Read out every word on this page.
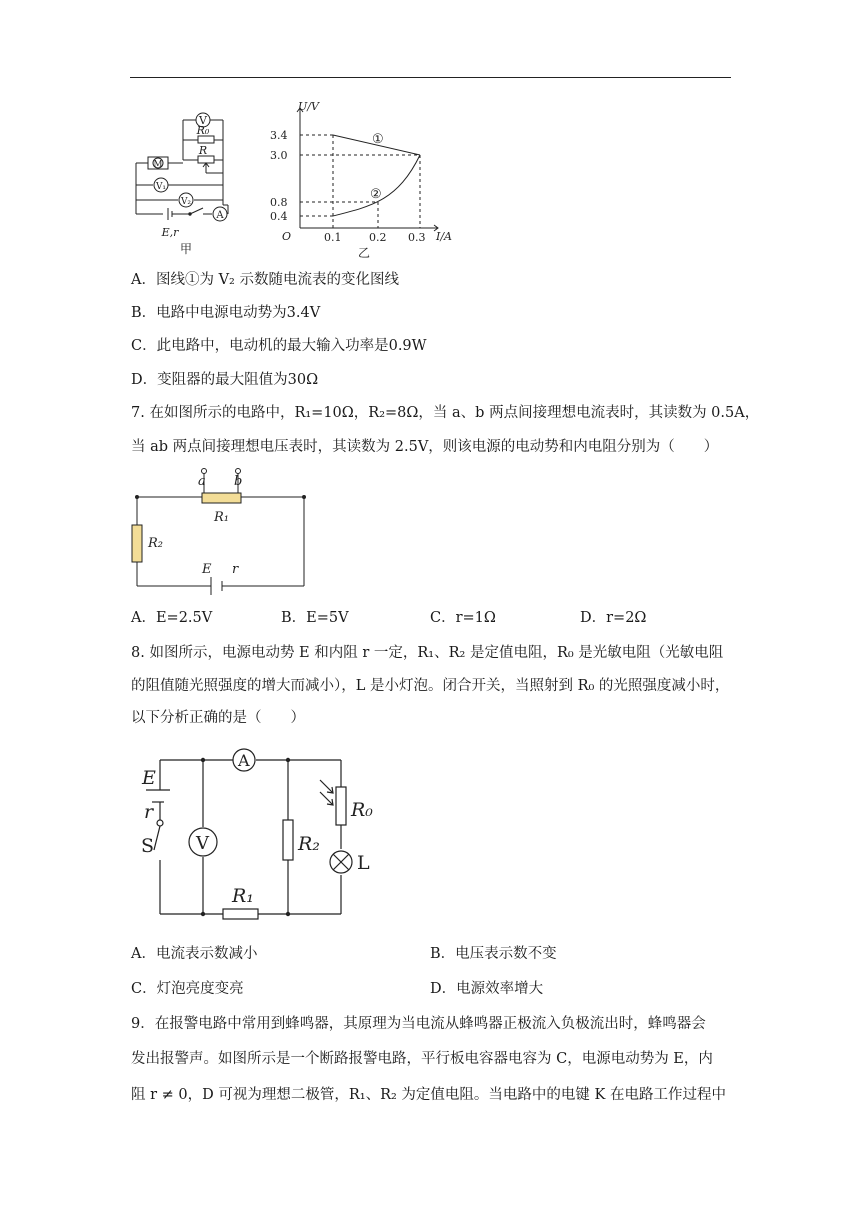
V
R₀
R
M
V₁
V₂
A
E,r
甲
U/V
I/A
O
3.4
3.0
0.8
0.4
0.1	0.2 0.3
①
②
乙
A．图线①为 V₂ 示数随电流表的变化图线
B．电路中电源电动势为3.4V
C．此电路中，电动机的最大输入功率是0.9W
D．变阻器的最大阻值为30Ω
7. 在如图所示的电路中，R₁=10Ω，R₂=8Ω，当 a、b 两点间接理想电流表时，其读数为 0.5A，
当 ab 两点间接理想电压表时，其读数为 2.5V，则该电源的电动势和内电阻分别为（　　）
a b
R₁
R₂
E r
A．E=2.5V	B．E=5V	C．r=1Ω	D．r=2Ω
8. 如图所示，电源电动势 E 和内阻 r 一定，R₁、R₂ 是定值电阻，R₀ 是光敏电阻（光敏电阻
的阻值随光照强度的增大而减小），L 是小灯泡。闭合开关，当照射到 R₀ 的光照强度减小时，
以下分析正确的是（　　）
E
r
S
A
V
R₁
R₂
R₀
L
A．电流表示数减小	B．电压表示数不变
C．灯泡亮度变亮	D．电源效率增大
9．在报警电路中常用到蜂鸣器，其原理为当电流从蜂鸣器正极流入负极流出时，蜂鸣器会
发出报警声。如图所示是一个断路报警电路，平行板电容器电容为 C，电源电动势为 E，内
阻 r ≠ 0，D 可视为理想二极管，R₁、R₂ 为定值电阻。当电路中的电键 K 在电路工作过程中
